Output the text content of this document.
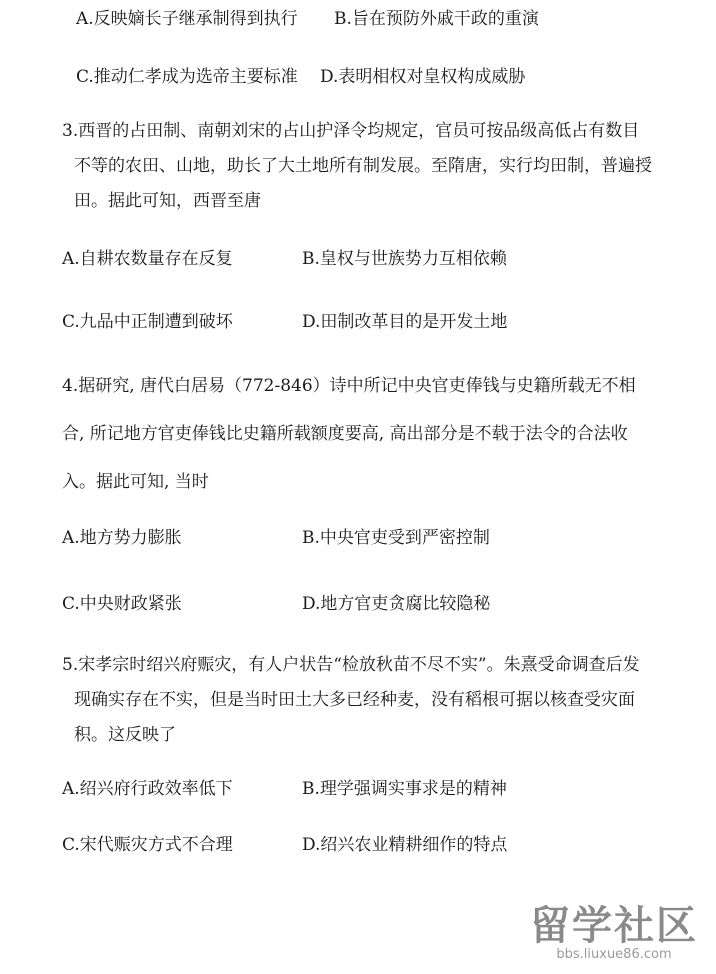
A.反映嫡长子继承制得到执行 B.旨在预防外戚干政的重演
C.推动仁孝成为选帝主要标准 D.表明相权对皇权构成威胁
3.西晋的占田制、南朝刘宋的占山护泽令均规定，官员可按品级高低占有数目
不等的农田、山地，助长了大土地所有制发展。至隋唐，实行均田制，普遍授
田。据此可知，西晋至唐
A.自耕农数量存在反复	B.皇权与世族势力互相依赖
C.九品中正制遭到破坏	D.田制改革目的是开发土地
4.据研究, 唐代白居易（772-846）诗中所记中央官吏俸钱与史籍所载无不相
合, 所记地方官吏俸钱比史籍所载额度要高, 高出部分是不载于法令的合法收
入。据此可知, 当时
A.地方势力膨胀	B.中央官吏受到严密控制
C.中央财政紧张	D.地方官吏贪腐比较隐秘
5.宋孝宗时绍兴府赈灾，有人户状告“检放秋苗不尽不实”。朱熹受命调查后发
现确实存在不实，但是当时田土大多已经种麦，没有稻根可据以核查受灾面
积。这反映了
A.绍兴府行政效率低下	B.理学强调实事求是的精神
C.宋代赈灾方式不合理	D.绍兴农业精耕细作的特点
留学社区
bbs.liuxue86.com
